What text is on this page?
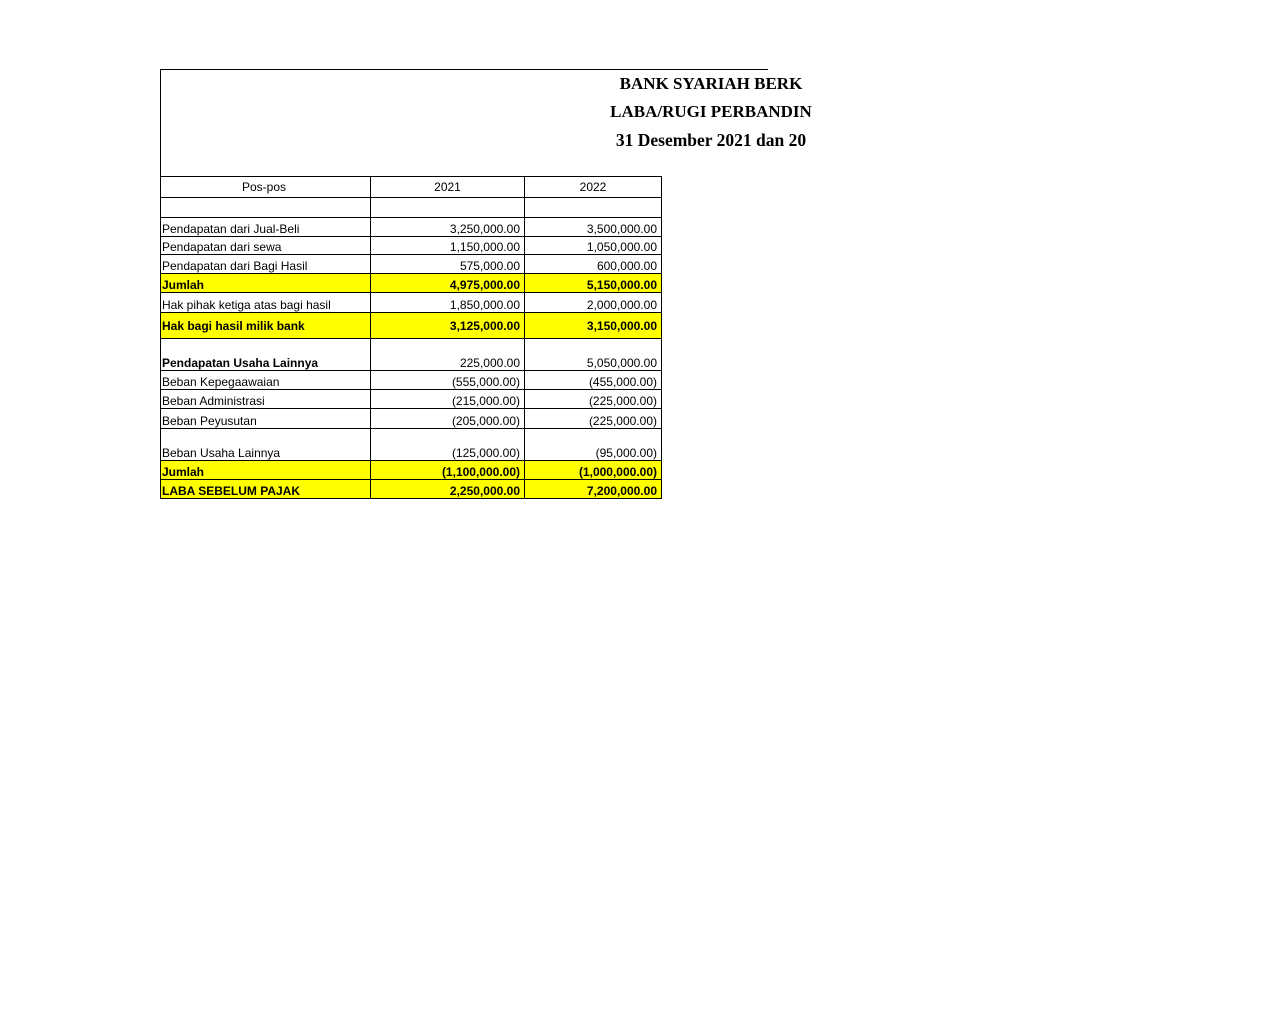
BANK SYARIAH BERK
LABA/RUGI PERBANDIN
31 Desember 2021 dan 20
Pos-pos	2021	2022

Pendapatan dari Jual-Beli	3,250,000.00	3,500,000.00
Pendapatan dari sewa	1,150,000.00	1,050,000.00
Pendapatan dari Bagi Hasil	575,000.00	600,000.00
Jumlah	4,975,000.00	5,150,000.00
Hak pihak ketiga atas bagi hasil	1,850,000.00	2,000,000.00
Hak bagi hasil milik bank	3,125,000.00	3,150,000.00
Pendapatan Usaha Lainnya	225,000.00	5,050,000.00
Beban Kepegaawaian	(555,000.00)	(455,000.00)
Beban Administrasi	(215,000.00)	(225,000.00)
Beban Peyusutan	(205,000.00)	(225,000.00)
Beban Usaha Lainnya	(125,000.00)	(95,000.00)
Jumlah	(1,100,000.00)	(1,000,000.00)
LABA SEBELUM PAJAK	2,250,000.00	7,200,000.00
